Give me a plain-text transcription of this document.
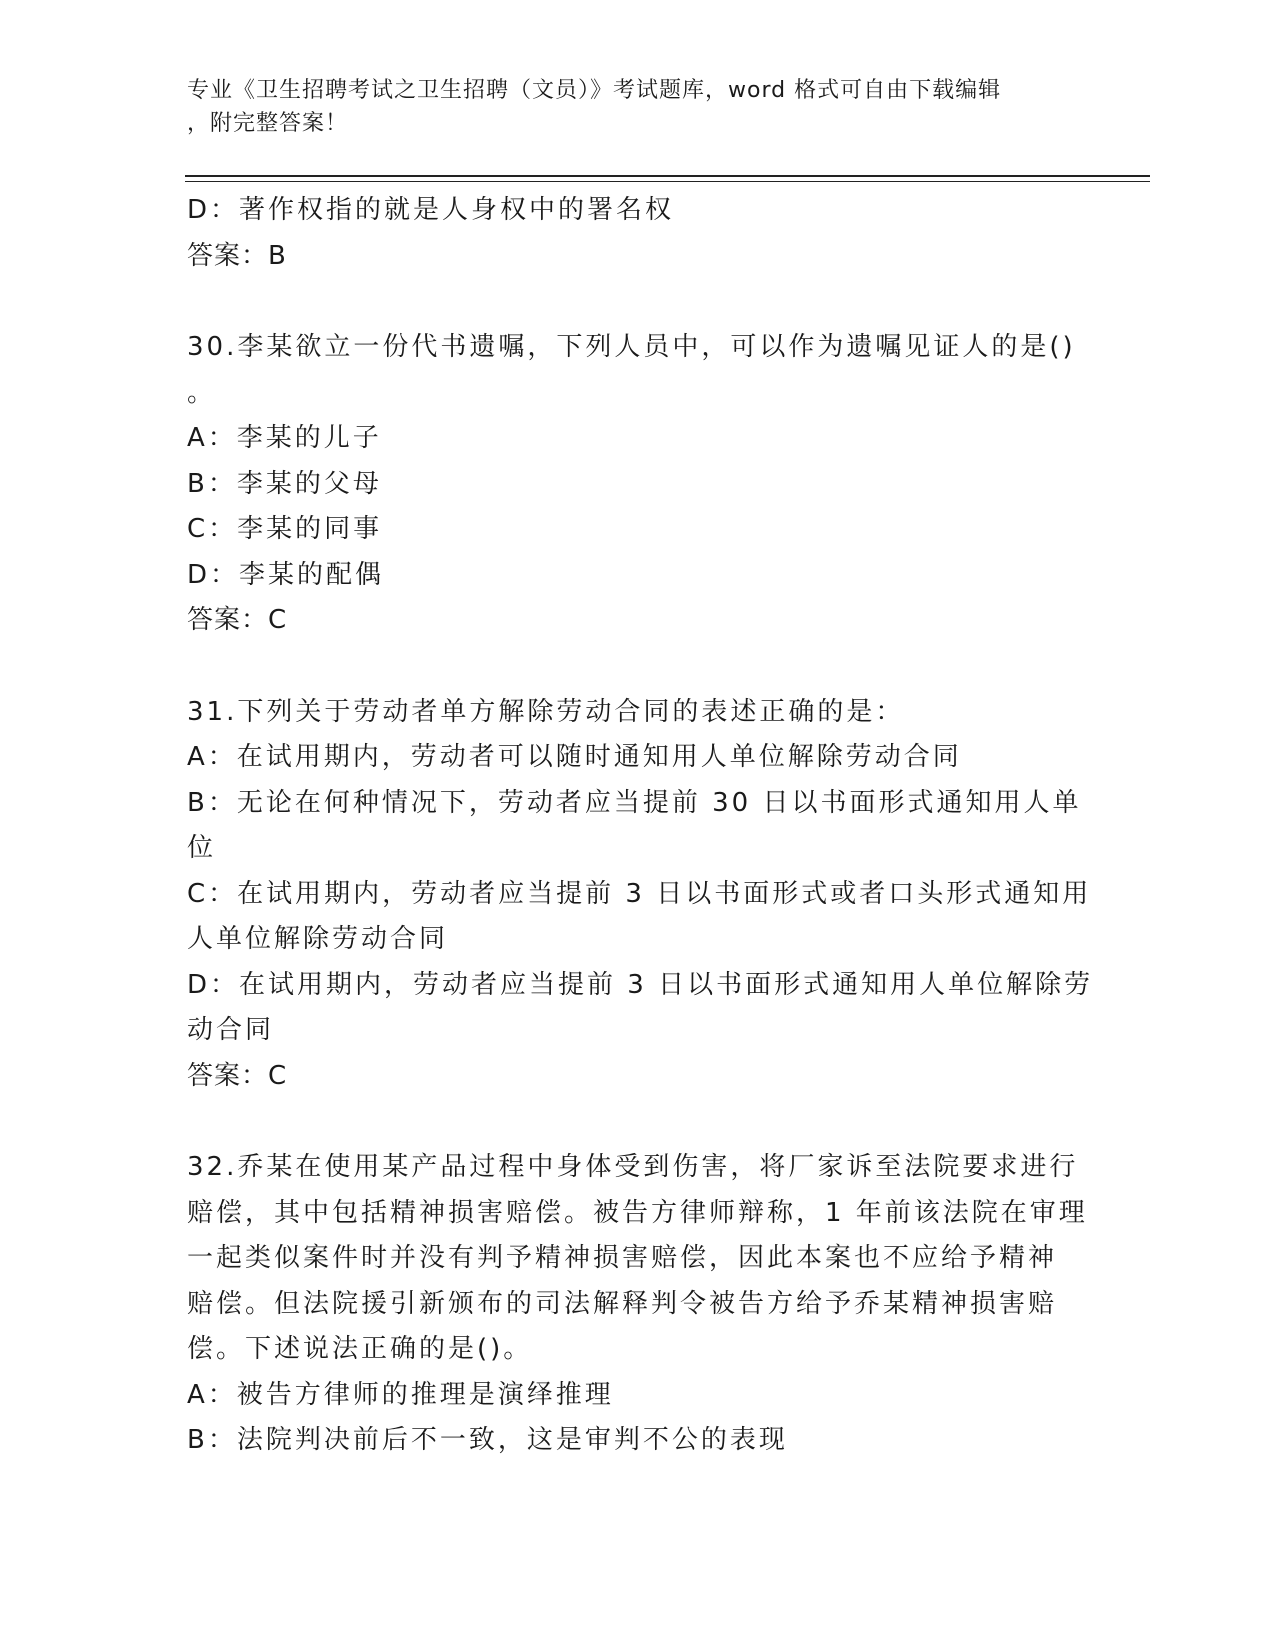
专业《卫生招聘考试之卫生招聘（文员）》考试题库，word 格式可自由下载编辑
，附完整答案！
D：著作权指的就是人身权中的署名权
答案：B
30.李某欲立一份代书遗嘱，下列人员中，可以作为遗嘱见证人的是()
。
A：李某的儿子
B：李某的父母
C：李某的同事
D：李某的配偶
答案：C
31.下列关于劳动者单方解除劳动合同的表述正确的是：
A：在试用期内，劳动者可以随时通知用人单位解除劳动合同
B：无论在何种情况下，劳动者应当提前 30 日以书面形式通知用人单
位
C：在试用期内，劳动者应当提前 3 日以书面形式或者口头形式通知用
人单位解除劳动合同
D：在试用期内，劳动者应当提前 3 日以书面形式通知用人单位解除劳
动合同
答案：C
32.乔某在使用某产品过程中身体受到伤害，将厂家诉至法院要求进行
赔偿，其中包括精神损害赔偿。被告方律师辩称，1 年前该法院在审理
一起类似案件时并没有判予精神损害赔偿，因此本案也不应给予精神
赔偿。但法院援引新颁布的司法解释判令被告方给予乔某精神损害赔
偿。下述说法正确的是()。
A：被告方律师的推理是演绎推理
B：法院判决前后不一致，这是审判不公的表现
